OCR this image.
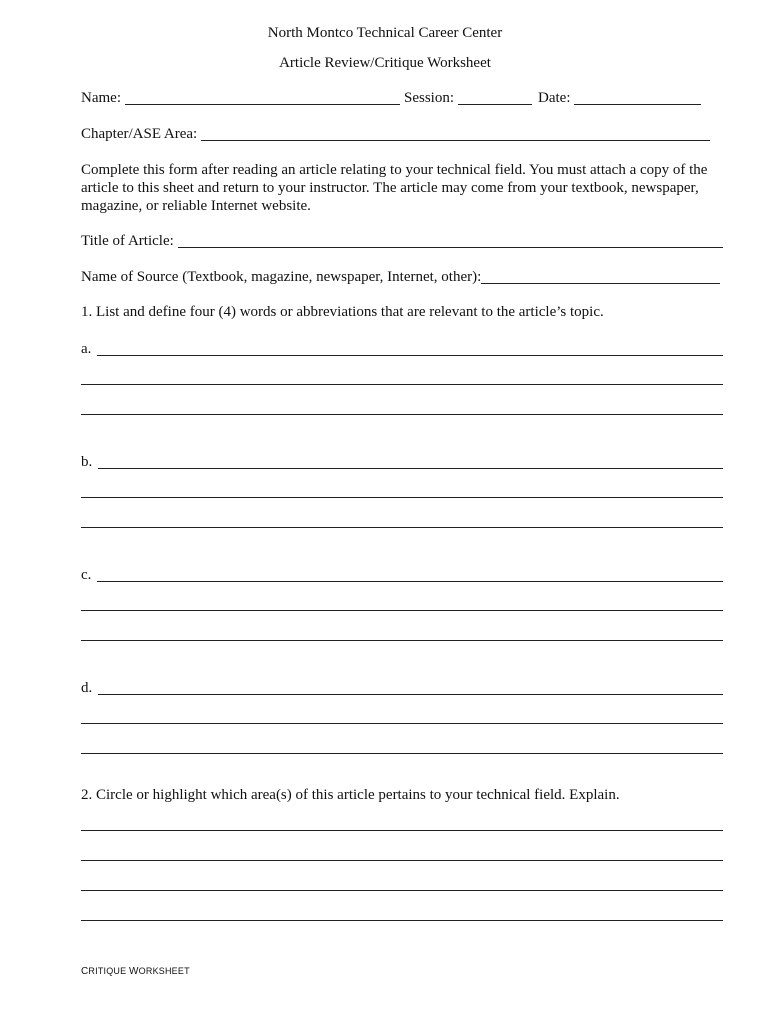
North Montco Technical Career Center
Article Review/Critique Worksheet
Name:	Session:	Date:
Chapter/ASE Area:
Complete this form after reading an article relating to your technical field. You must attach a copy of the
article to this sheet and return to your instructor. The article may come from your textbook, newspaper,
magazine, or reliable Internet website.
Title of Article:
Name of Source (Textbook, magazine, newspaper, Internet, other):
1. List and define four (4) words or abbreviations that are relevant to the article’s topic.
a.
b.
c.
d.
2. Circle or highlight which area(s) of this article pertains to your technical field. Explain.
CRITIQUE WORKSHEET
